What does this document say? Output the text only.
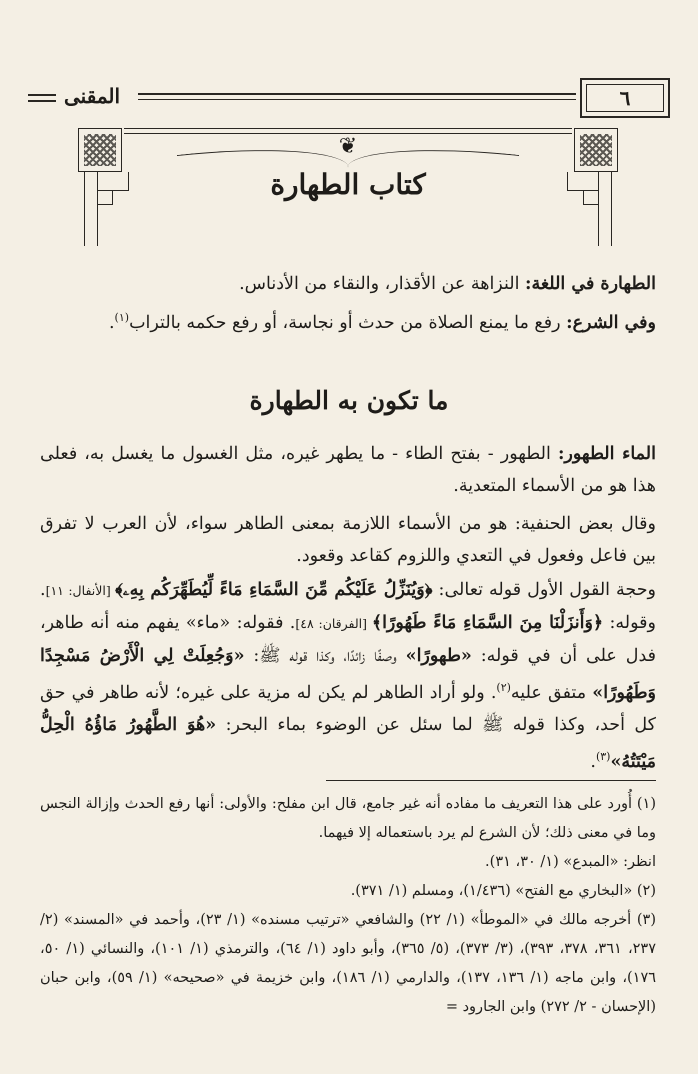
٦
المقنى
❦
كتاب الطهارة
الطهارة في اللغة: النزاهة عن الأقذار، والنقاء من الأدناس.
وفي الشرع: رفع ما يمنع الصلاة من حدث أو نجاسة، أو رفع حكمه بالتراب$^{(١)}$.
ما تكون به الطهارة
الماء الطهور: الطهور - بفتح الطاء - ما يطهر غيره، مثل الغسول ما يغسل به، فعلى هذا هو من الأسماء المتعدية.
وقال بعض الحنفية: هو من الأسماء اللازمة بمعنى الطاهر سواء، لأن العرب لا تفرق بين فاعل وفعول في التعدي واللزوم كقاعد وقعود.
وحجة القول الأول قوله تعالى: ﴿وَيُنَزِّلُ عَلَيْكُم مِّنَ السَّمَاءِ مَاءً لِّيُطَهِّرَكُم بِهِۦ﴾ [الأنفال: ١١]. وقوله: ﴿وَأَنزَلْنَا مِنَ السَّمَاءِ مَاءً طَهُورًا﴾ [الفرقان: ٤٨]. فقوله: «ماء» يفهم منه أنه طاهر، فدل على أن في قوله: «طهورًا» وصفًا زائدًا، وكذا قوله ﷺ: «وَجُعِلَتْ لِي الْأَرْضُ مَسْجِدًا وَطَهُورًا» متفق عليه$^{(٢)}$. ولو أراد الطاهر لم يكن له مزية على غيره؛ لأنه طاهر في حق كل أحد، وكذا قوله ﷺ لما سئل عن الوضوء بماء البحر: «هُوَ الطَّهُورُ مَاؤُهُ الْحِلُّ مَيْتَتُهُ»$^{(٣)}$.
(١) أُورد على هذا التعريف ما مفاده أنه غير جامع، قال ابن مفلح: والأولى: أنها رفع الحدث وإزالة النجس وما في معنى ذلك؛ لأن الشرع لم يرد باستعماله إلا فيهما.
انظر: «المبدع» (١/ ٣٠، ٣١).
(٢) «البخاري مع الفتح» (١/٤٣٦)، ومسلم (١/ ٣٧١).
(٣) أخرجه مالك في «الموطأ» (١/ ٢٢) والشافعي «ترتيب مسنده» (١/ ٢٣)، وأحمد في «المسند» (٢/ ٢٣٧، ٣٦١، ٣٧٨، ٣٩٣)، (٣/ ٣٧٣)، (٥/ ٣٦٥)، وأبو داود (١/ ٦٤)، والترمذي (١/ ١٠١)، والنسائي (١/ ٥٠، ١٧٦)، وابن ماجه (١/ ١٣٦، ١٣٧)، والدارمي (١/ ١٨٦)، وابن خزيمة في «صحيحه» (١/ ٥٩)، وابن حبان (الإحسان - ٢/ ٢٧٢) وابن الجارود =
